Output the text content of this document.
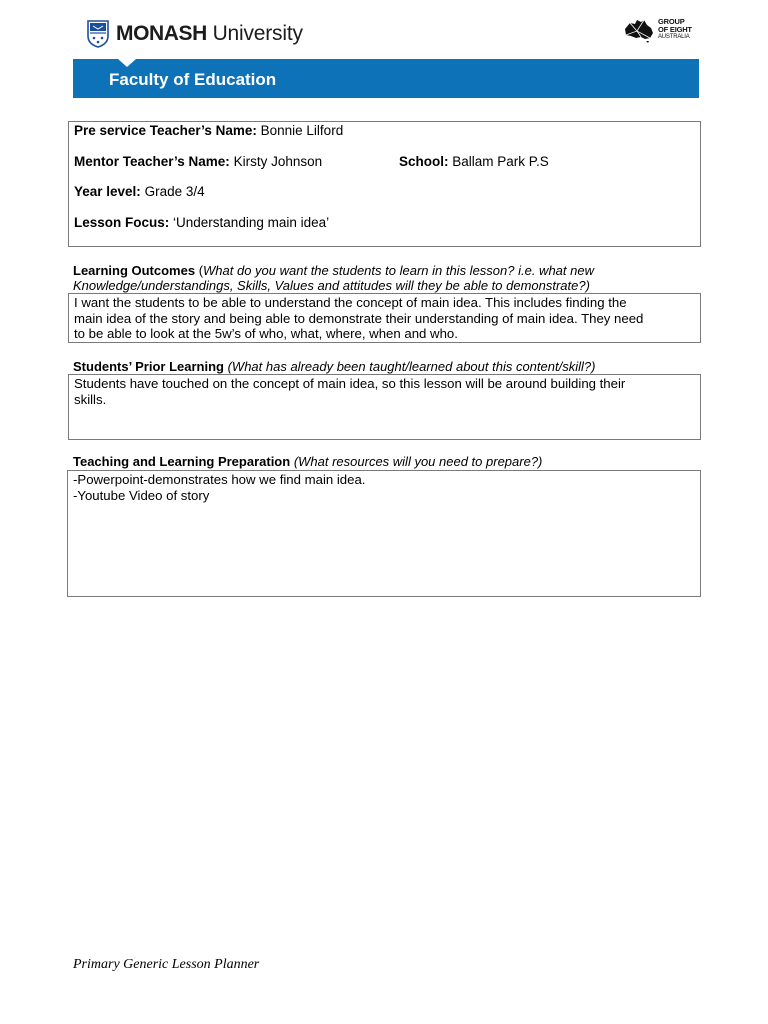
MONASH University
GROUP
OF EIGHT
AUSTRALIA
Faculty of Education
Pre service Teacher’s Name: Bonnie Lilford
Mentor Teacher’s Name: Kirsty Johnson	School: Ballam Park P.S
Year level: Grade 3/4
Lesson Focus: ‘Understanding main idea’
Learning Outcomes (What do you want the students to learn in this lesson? i.e. what new
Knowledge/understandings, Skills, Values and attitudes will they be able to demonstrate?)
I want the students to be able to understand the concept of main idea. This includes finding the
main idea of the story and being able to demonstrate their understanding of main idea. They need
to be able to look at the 5w’s of who, what, where, when and who.
Students’ Prior Learning (What has already been taught/learned about this content/skill?)
Students have touched on the concept of main idea, so this lesson will be around building their
skills.
Teaching and Learning Preparation (What resources will you need to prepare?)
-Powerpoint-demonstrates how we find main idea.
-Youtube Video of story
Primary Generic Lesson Planner
